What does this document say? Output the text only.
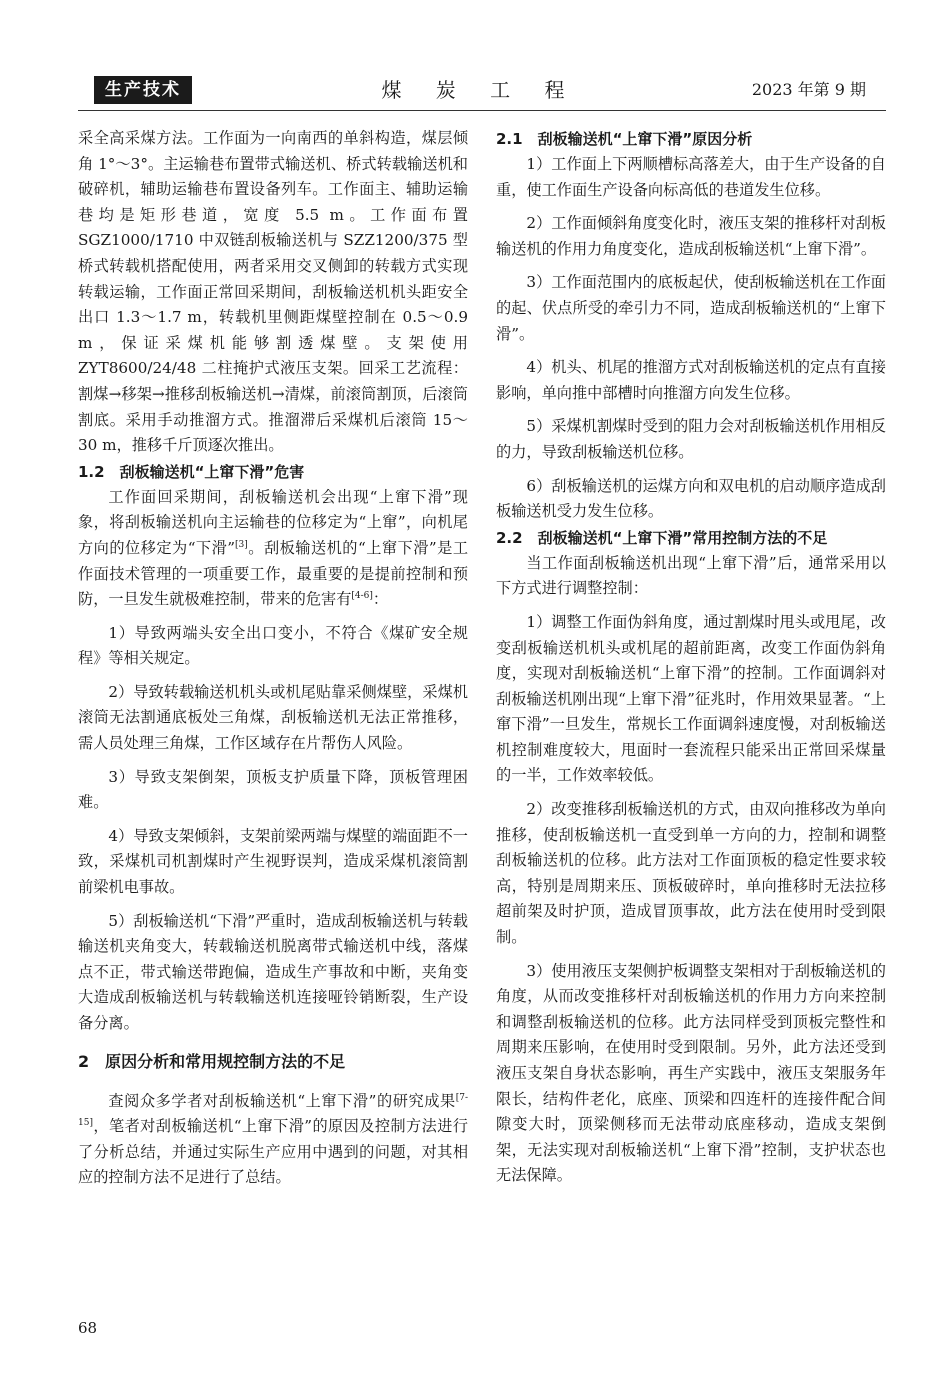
生产技术	煤 炭 工 程	2023 年第 9 期

采全高采煤方法。工作面为一向南西的单斜构造，煤层倾角 1°～3°。主运输巷布置带式输送机、桥式转载输送机和破碎机，辅助运输巷布置设备列车。工作面主、辅助运输巷均是矩形巷道，宽度 5.5 m。工作面布置 SGZ1000/1710 中双链刮板输送机与 SZZ1200/375 型桥式转载机搭配使用，两者采用交叉侧卸的转载方式实现转载运输，工作面正常回采期间，刮板输送机机头距安全出口 1.3～1.7 m，转载机里侧距煤壁控制在 0.5～0.9 m，保证采煤机能够割透煤壁。支架使用 ZYT8600/24/48 二柱掩护式液压支架。回采工艺流程：割煤→移架→推移刮板输送机→清煤，前滚筒割顶，后滚筒割底。采用手动推溜方式。推溜滞后采煤机后滚筒 15～30 m，推移千斤顶逐次推出。

1.2　刮板输送机“上窜下滑”危害

工作面回采期间，刮板输送机会出现“上窜下滑”现象，将刮板输送机向主运输巷的位移定为“上窜”，向机尾方向的位移定为“下滑”[3]。刮板输送机的“上窜下滑”是工作面技术管理的一项重要工作，最重要的是提前控制和预防，一旦发生就极难控制，带来的危害有[4-6]：

1）导致两端头安全出口变小，不符合《煤矿安全规程》等相关规定。

2）导致转载输送机机头或机尾贴靠采侧煤壁，采煤机滚筒无法割通底板处三角煤，刮板输送机无法正常推移，需人员处理三角煤，工作区域存在片帮伤人风险。

3）导致支架倒架，顶板支护质量下降，顶板管理困难。

4）导致支架倾斜，支架前梁两端与煤壁的端面距不一致，采煤机司机割煤时产生视野误判，造成采煤机滚筒割前梁机电事故。

5）刮板输送机“下滑”严重时，造成刮板输送机与转载输送机夹角变大，转载输送机脱离带式输送机中线，落煤点不正，带式输送带跑偏，造成生产事故和中断，夹角变大造成刮板输送机与转载输送机连接哑铃销断裂，生产设备分离。

2　原因分析和常用规控制方法的不足

查阅众多学者对刮板输送机“上窜下滑”的研究成果[7-15]，笔者对刮板输送机“上窜下滑”的原因及控制方法进行了分析总结，并通过实际生产应用中遇到的问题，对其相应的控制方法不足进行了总结。

2.1　刮板输送机“上窜下滑”原因分析

1）工作面上下两顺槽标高落差大，由于生产设备的自重，使工作面生产设备向标高低的巷道发生位移。

2）工作面倾斜角度变化时，液压支架的推移杆对刮板输送机的作用力角度变化，造成刮板输送机“上窜下滑”。

3）工作面范围内的底板起伏，使刮板输送机在工作面的起、伏点所受的牵引力不同，造成刮板输送机的“上窜下滑”。

4）机头、机尾的推溜方式对刮板输送机的定点有直接影响，单向推中部槽时向推溜方向发生位移。

5）采煤机割煤时受到的阻力会对刮板输送机作用相反的力，导致刮板输送机位移。

6）刮板输送机的运煤方向和双电机的启动顺序造成刮板输送机受力发生位移。

2.2　刮板输送机“上窜下滑”常用控制方法的不足

当工作面刮板输送机出现“上窜下滑”后，通常采用以下方式进行调整控制：

1）调整工作面伪斜角度，通过割煤时甩头或甩尾，改变刮板输送机机头或机尾的超前距离，改变工作面伪斜角度，实现对刮板输送机“上窜下滑”的控制。工作面调斜对刮板输送机刚出现“上窜下滑”征兆时，作用效果显著。“上窜下滑”一旦发生，常规长工作面调斜速度慢，对刮板输送机控制难度较大，甩面时一套流程只能采出正常回采煤量的一半，工作效率较低。

2）改变推移刮板输送机的方式，由双向推移改为单向推移，使刮板输送机一直受到单一方向的力，控制和调整刮板输送机的位移。此方法对工作面顶板的稳定性要求较高，特别是周期来压、顶板破碎时，单向推移时无法拉移超前架及时护顶，造成冒顶事故，此方法在使用时受到限制。

3）使用液压支架侧护板调整支架相对于刮板输送机的角度，从而改变推移杆对刮板输送机的作用力方向来控制和调整刮板输送机的位移。此方法同样受到顶板完整性和周期来压影响，在使用时受到限制。另外，此方法还受到液压支架自身状态影响，再生产实践中，液压支架服务年限长，结构件老化，底座、顶梁和四连杆的连接件配合间隙变大时，顶梁侧移而无法带动底座移动，造成支架倒架，无法实现对刮板输送机“上窜下滑”控制，支护状态也无法保障。

68
